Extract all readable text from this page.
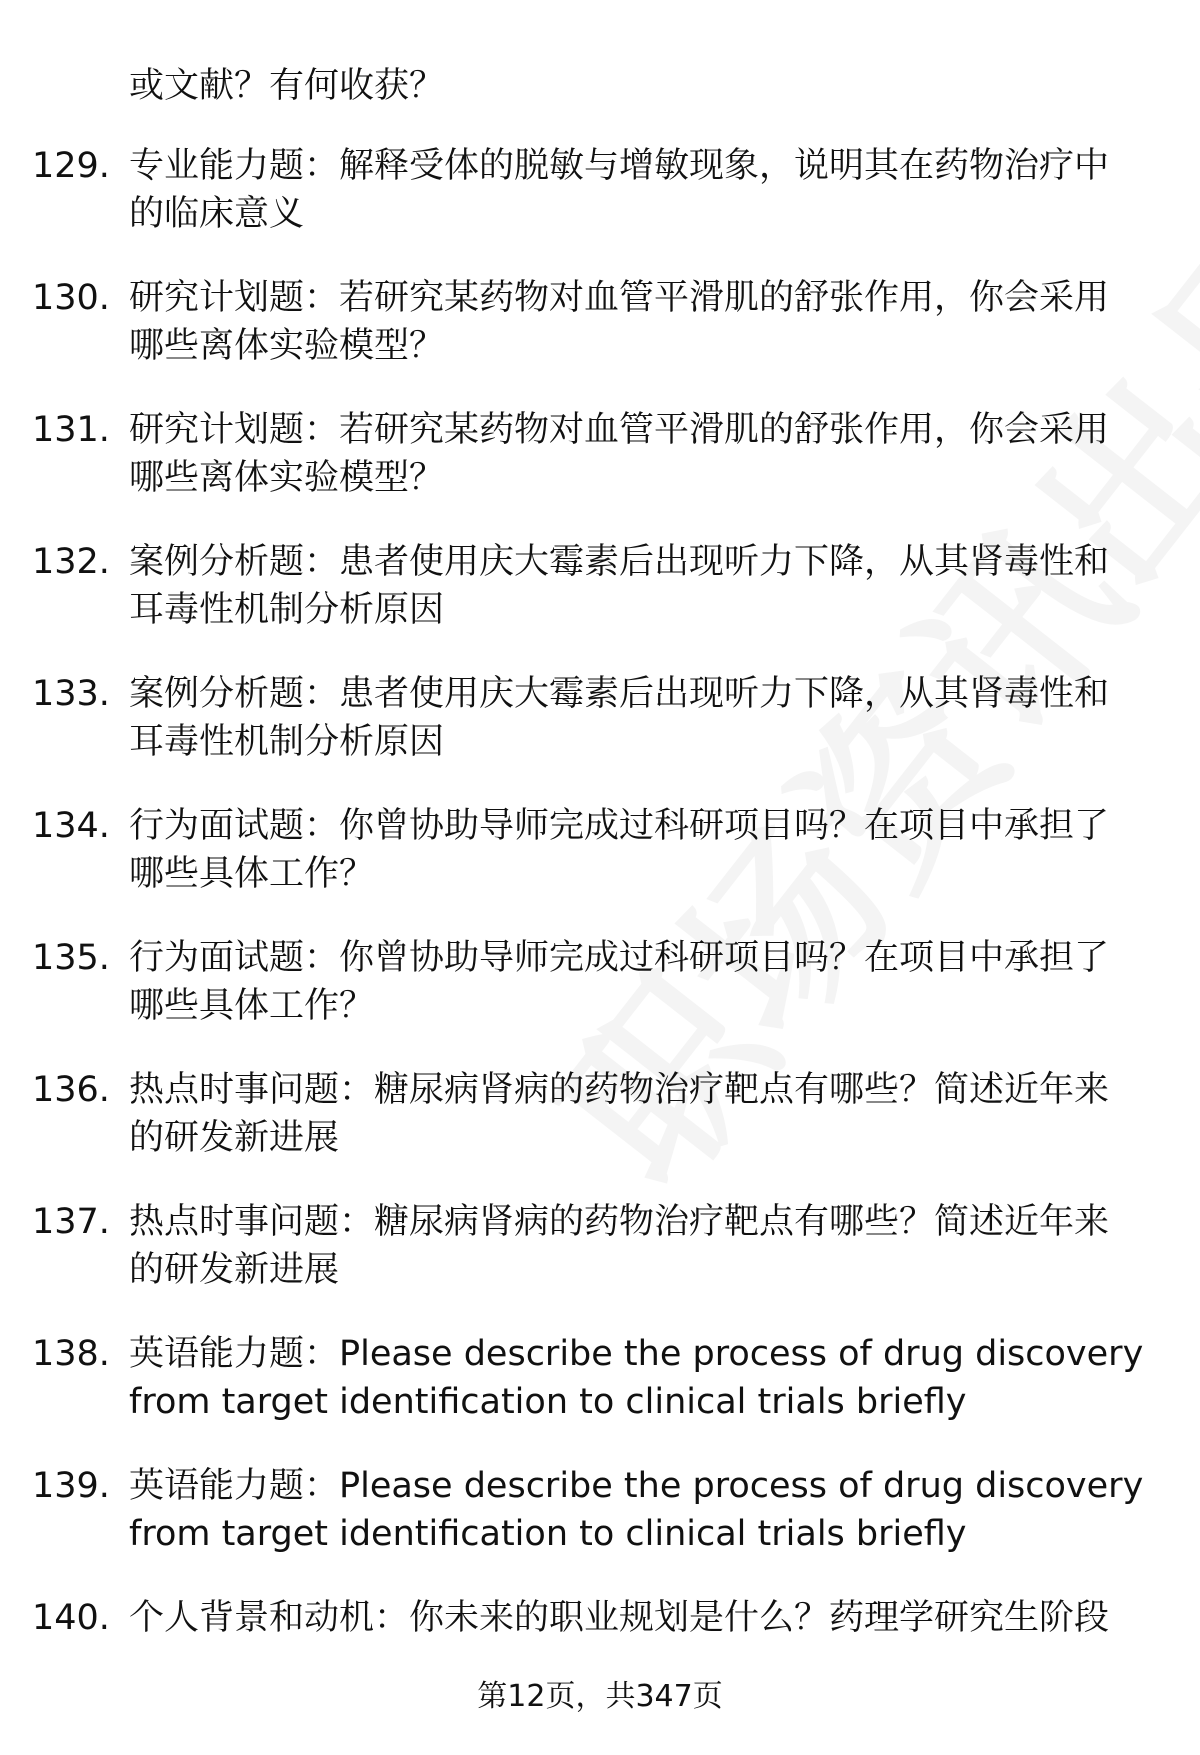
或文献？有何收获？
129. 专业能力题：解释受体的脱敏与增敏现象，说明其在药物治疗中
的临床意义
130. 研究计划题：若研究某药物对血管平滑肌的舒张作用，你会采用
哪些离体实验模型？
131. 研究计划题：若研究某药物对血管平滑肌的舒张作用，你会采用
哪些离体实验模型？
132. 案例分析题：患者使用庆大霉素后出现听力下降，从其肾毒性和
耳毒性机制分析原因
133. 案例分析题：患者使用庆大霉素后出现听力下降，从其肾毒性和
耳毒性机制分析原因
134. 行为面试题：你曾协助导师完成过科研项目吗？在项目中承担了
哪些具体工作？
135. 行为面试题：你曾协助导师完成过科研项目吗？在项目中承担了
哪些具体工作？
136. 热点时事问题：糖尿病肾病的药物治疗靶点有哪些？简述近年来
的研发新进展
137. 热点时事问题：糖尿病肾病的药物治疗靶点有哪些？简述近年来
的研发新进展
138. 英语能力题：Please describe the process of drug discovery
from target identification to clinical trials briefly
139. 英语能力题：Please describe the process of drug discovery
from target identification to clinical trials briefly
140. 个人背景和动机：你未来的职业规划是什么？药理学研究生阶段
第12页，共347页
